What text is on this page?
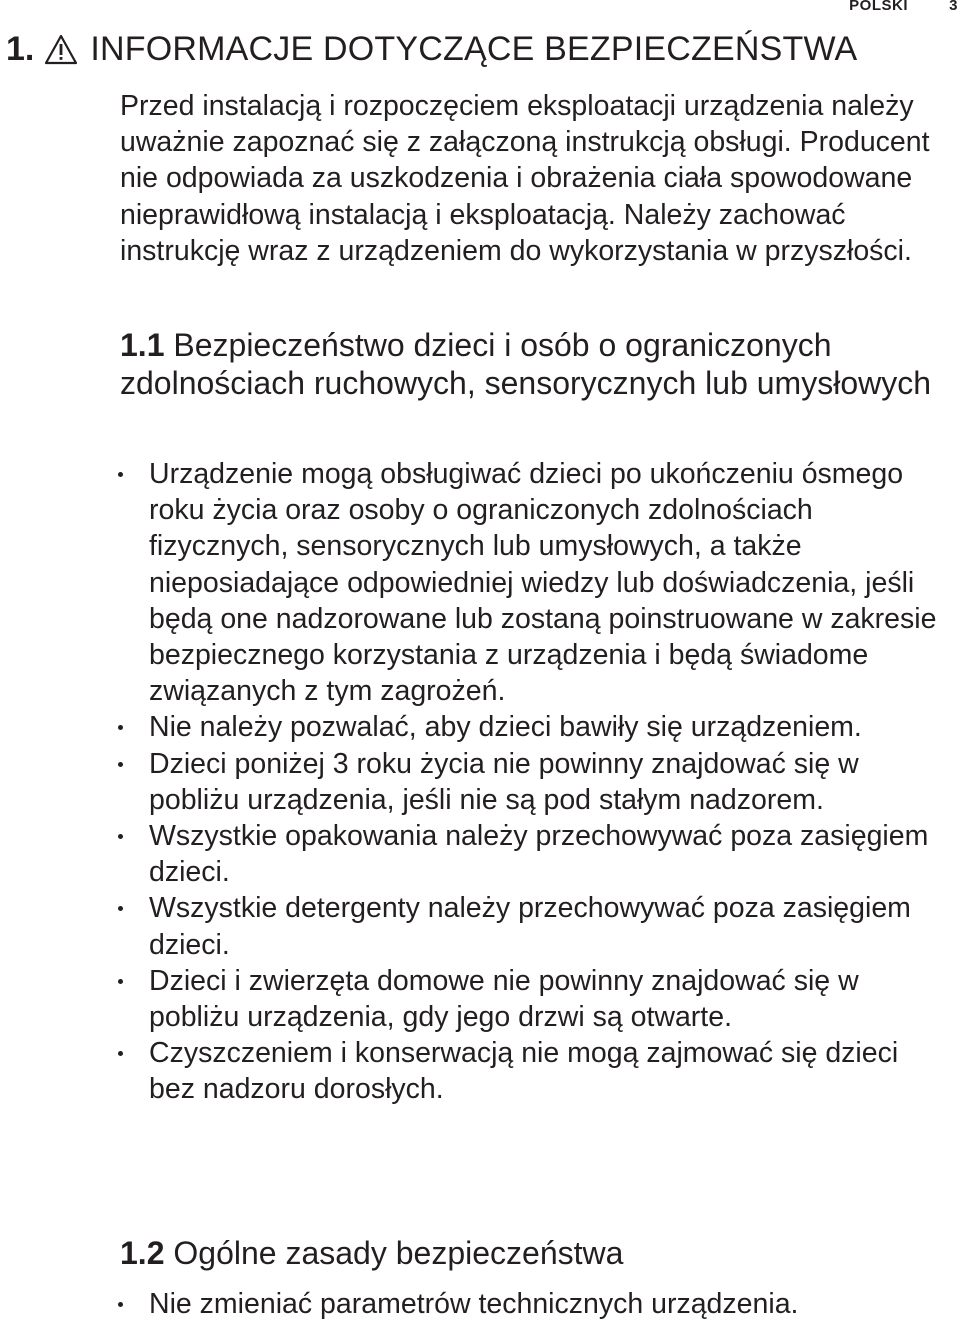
POLSKI	3
1. INFORMACJE DOTYCZĄCE BEZPIECZEŃSTWA

Przed instalacją i rozpoczęciem eksploatacji urządzenia należy uważnie zapoznać się z załączoną instrukcją obsługi. Producent nie odpowiada za uszkodzenia i obrażenia ciała spowodowane nieprawidłową instalacją i eksploatacją. Należy zachować instrukcję wraz z urządzeniem do wykorzystania w przyszłości.

1.1 Bezpieczeństwo dzieci i osób o ograniczonych zdolnościach ruchowych, sensorycznych lub umysłowych
Urządzenie mogą obsługiwać dzieci po ukończeniu ósmego roku życia oraz osoby o ograniczonych zdolnościach fizycznych, sensorycznych lub umysłowych, a także nieposiadające odpowiedniej wiedzy lub doświadczenia, jeśli będą one nadzorowane lub zostaną poinstruowane w zakresie bezpiecznego korzystania z urządzenia i będą świadome związanych z tym zagrożeń.
Nie należy pozwalać, aby dzieci bawiły się urządzeniem.
Dzieci poniżej 3 roku życia nie powinny znajdować się w pobliżu urządzenia, jeśli nie są pod stałym nadzorem.
Wszystkie opakowania należy przechowywać poza zasięgiem dzieci.
Wszystkie detergenty należy przechowywać poza zasięgiem dzieci.
Dzieci i zwierzęta domowe nie powinny znajdować się w pobliżu urządzenia, gdy jego drzwi są otwarte.
Czyszczeniem i konserwacją nie mogą zajmować się dzieci bez nadzoru dorosłych.
1.2 Ogólne zasady bezpieczeństwa
Nie zmieniać parametrów technicznych urządzenia.
